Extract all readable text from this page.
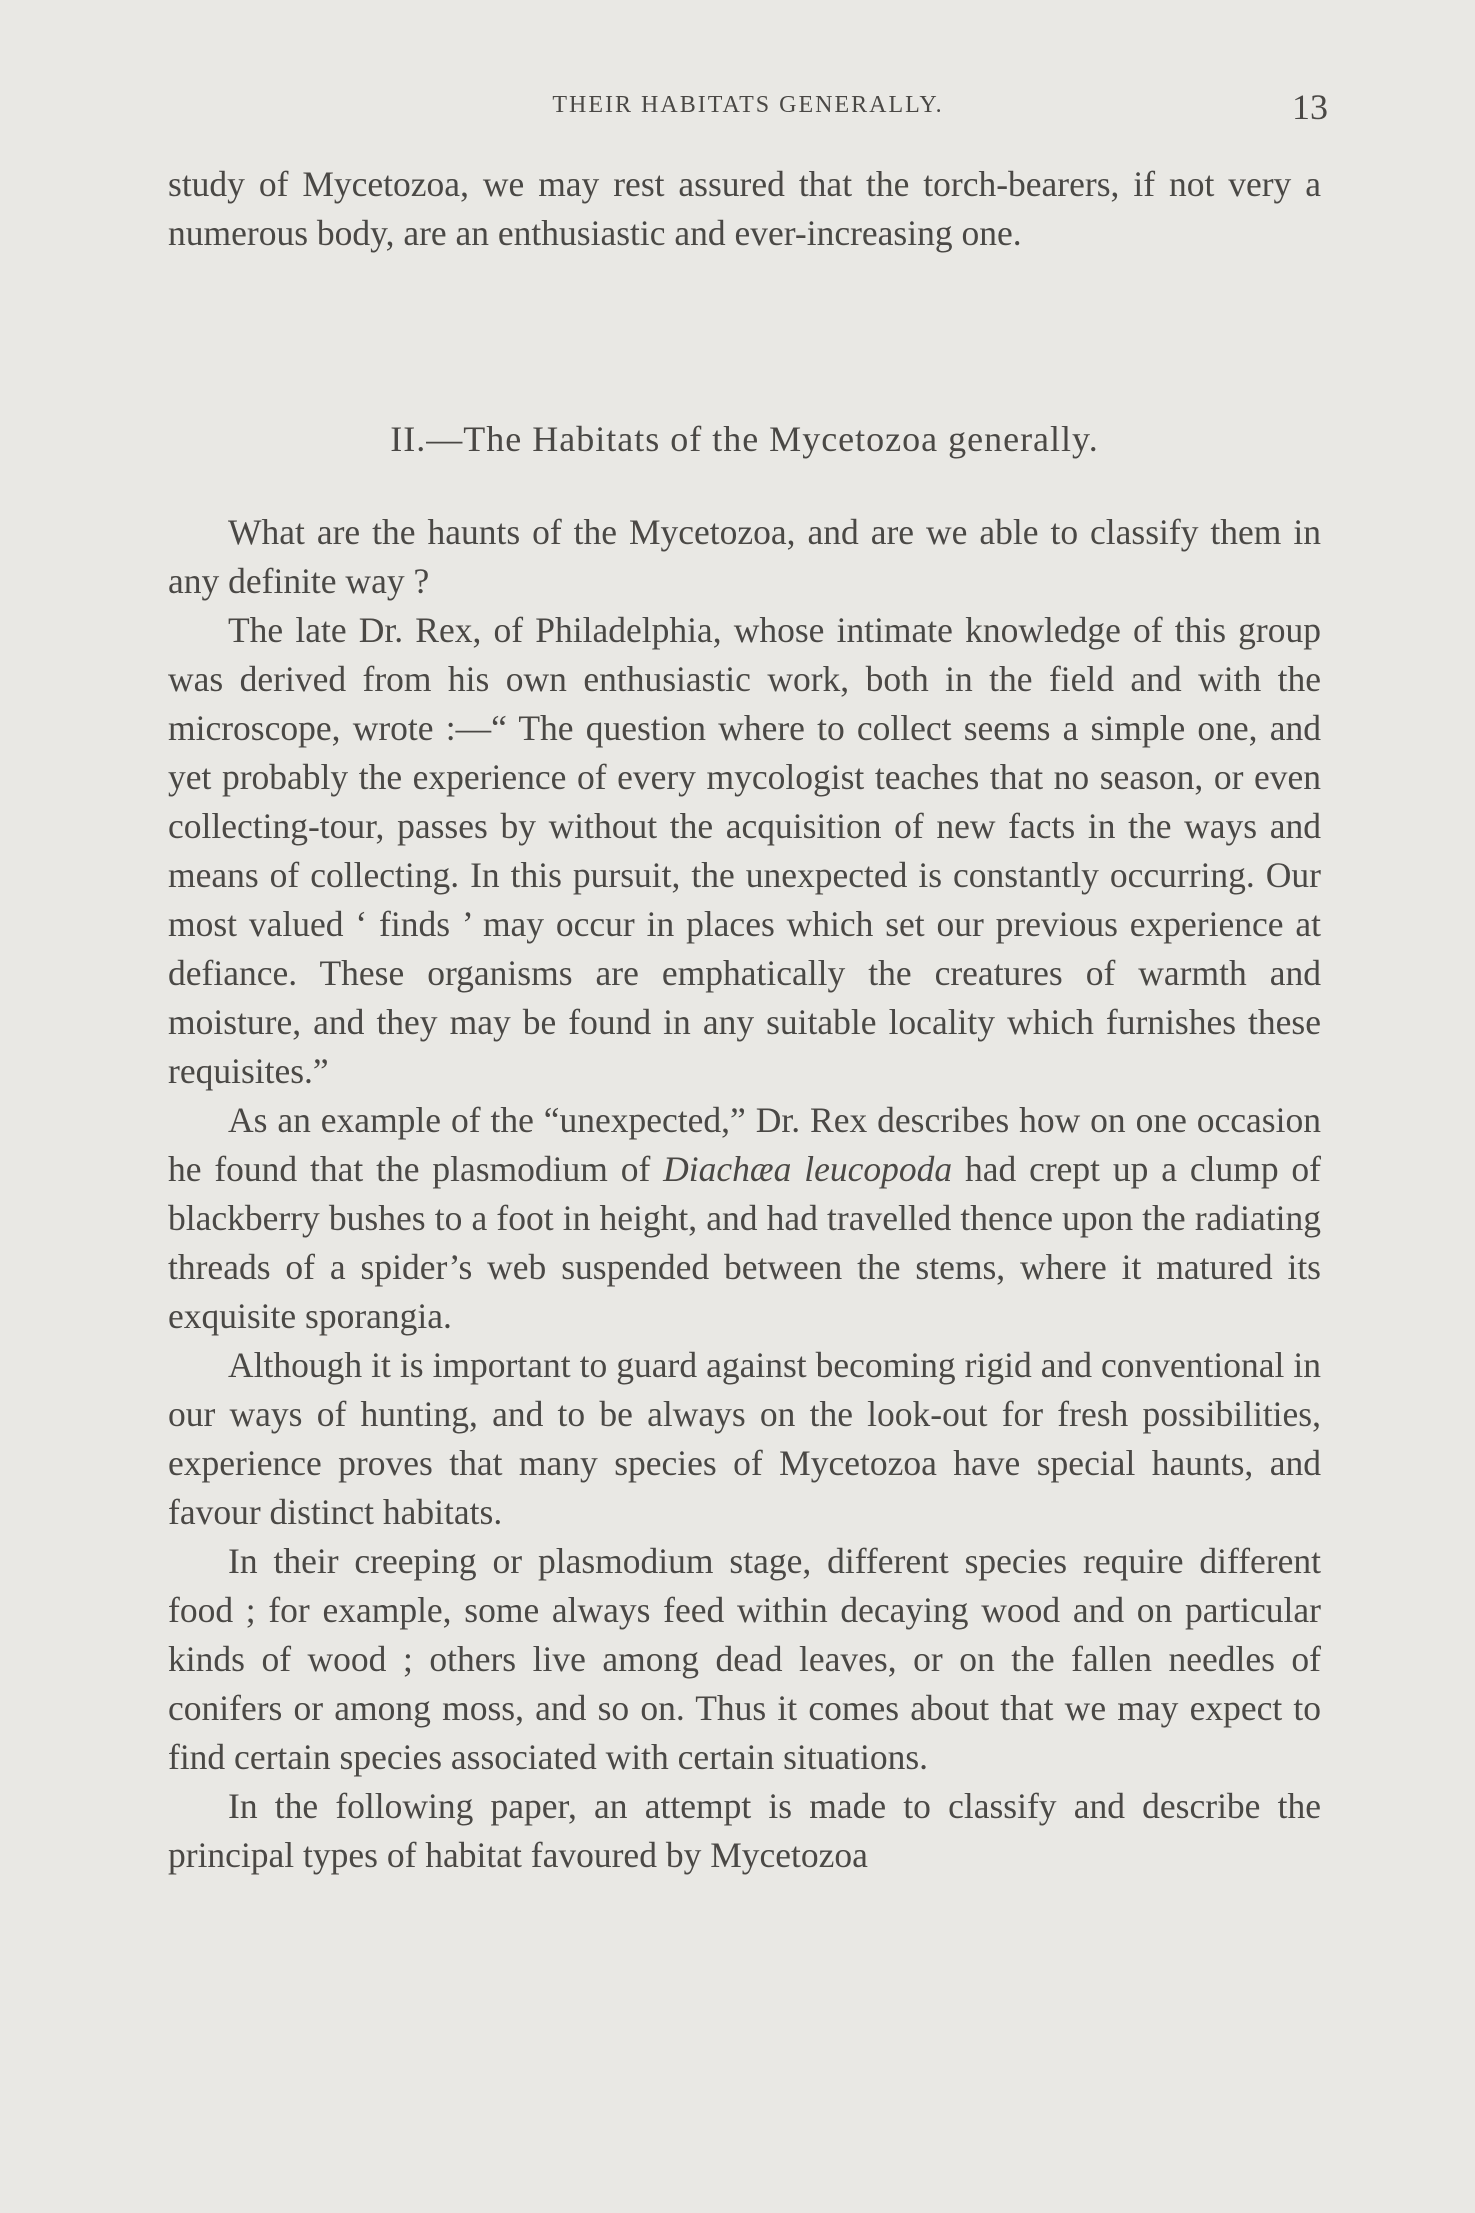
THEIR HABITATS GENERALLY.	13

study of Mycetozoa, we may rest assured that the torch-bearers, if not very a numerous body, are an enthusiastic and ever-increasing one.

II.—The Habitats of the Mycetozoa generally.

What are the haunts of the Mycetozoa, and are we able to classify them in any definite way ?

The late Dr. Rex, of Philadelphia, whose intimate knowledge of this group was derived from his own enthusiastic work, both in the field and with the microscope, wrote :—“ The question where to collect seems a simple one, and yet probably the experience of every mycologist teaches that no season, or even collecting-tour, passes by without the acquisition of new facts in the ways and means of collecting. In this pursuit, the unexpected is constantly occurring. Our most valued ‘ finds ’ may occur in places which set our previous experience at defiance. These organisms are emphatically the creatures of warmth and moisture, and they may be found in any suitable locality which furnishes these requisites.”

As an example of the “unexpected,” Dr. Rex describes how on one occasion he found that the plasmodium of Diachæa leucopoda had crept up a clump of blackberry bushes to a foot in height, and had travelled thence upon the radiating threads of a spider’s web suspended between the stems, where it matured its exquisite sporangia.

Although it is important to guard against becoming rigid and conventional in our ways of hunting, and to be always on the look-out for fresh possibilities, experience proves that many species of Mycetozoa have special haunts, and favour distinct habitats.

In their creeping or plasmodium stage, different species require different food ; for example, some always feed within decaying wood and on particular kinds of wood ; others live among dead leaves, or on the fallen needles of conifers or among moss, and so on. Thus it comes about that we may expect to find certain species associated with certain situations.

In the following paper, an attempt is made to classify and describe the principal types of habitat favoured by Mycetozoa
